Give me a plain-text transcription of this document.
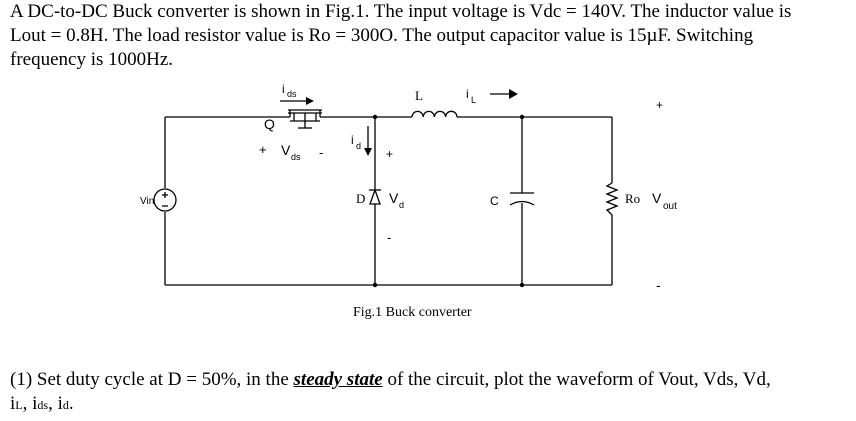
A DC-to-DC Buck converter is shown in Fig.1. The input voltage is Vdc = 140V. The inductor value is
Lout = 0.8H. The load resistor value is Ro = 300O. The output capacitor value is 15µF. Switching
frequency is 1000Hz.
Vin
Q
i ds
+ V ds -
i d
+
D V d
-
L	i L
C	Ro V
out
+
-
Fig.1 Buck converter
(1) Set duty cycle at D = 50%, in the steady state of the circuit, plot the waveform of Vout, Vds, Vd,
iL, ids, id.
